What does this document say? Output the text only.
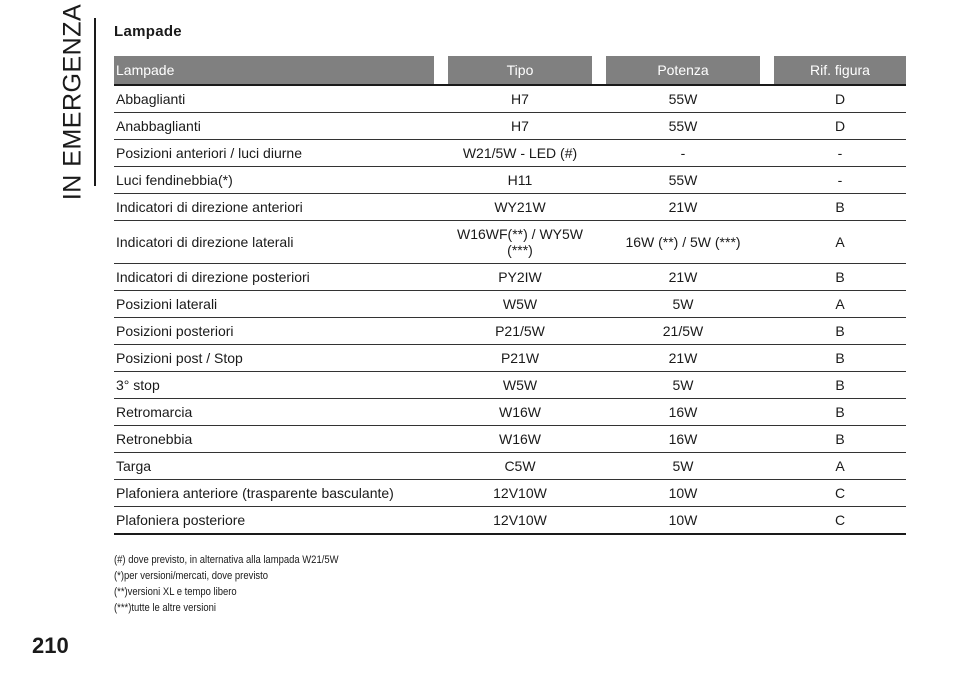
IN EMERGENZA Lampade
Lampade		Tipo		Potenza		Rif. figura
Abbaglianti		H7		55W		D
Anabbaglianti		H7		55W		D
Posizioni anteriori / luci diurne		W21/5W - LED (#)		-		-
Luci fendinebbia(*)		H11		55W		-
Indicatori di direzione anteriori		WY21W		21W		B
Indicatori di direzione laterali		W16WF(**) / WY5W (***)		16W (**) / 5W (***)		A
Indicatori di direzione posteriori		PY2IW		21W		B
Posizioni laterali		W5W		5W		A
Posizioni posteriori		P21/5W		21/5W		B
Posizioni post / Stop		P21W		21W		B
3° stop		W5W		5W		B
Retromarcia		W16W		16W		B
Retronebbia		W16W		16W		B
Targa		C5W		5W		A
Plafoniera anteriore (trasparente basculante)		12V10W		10W		C
Plafoniera posteriore		12V10W		10W		C
(#) dove previsto, in alternativa alla lampada W21/5W
(*)per versioni/mercati, dove previsto
(**)versioni XL e tempo libero
(***)tutte le altre versioni
210
